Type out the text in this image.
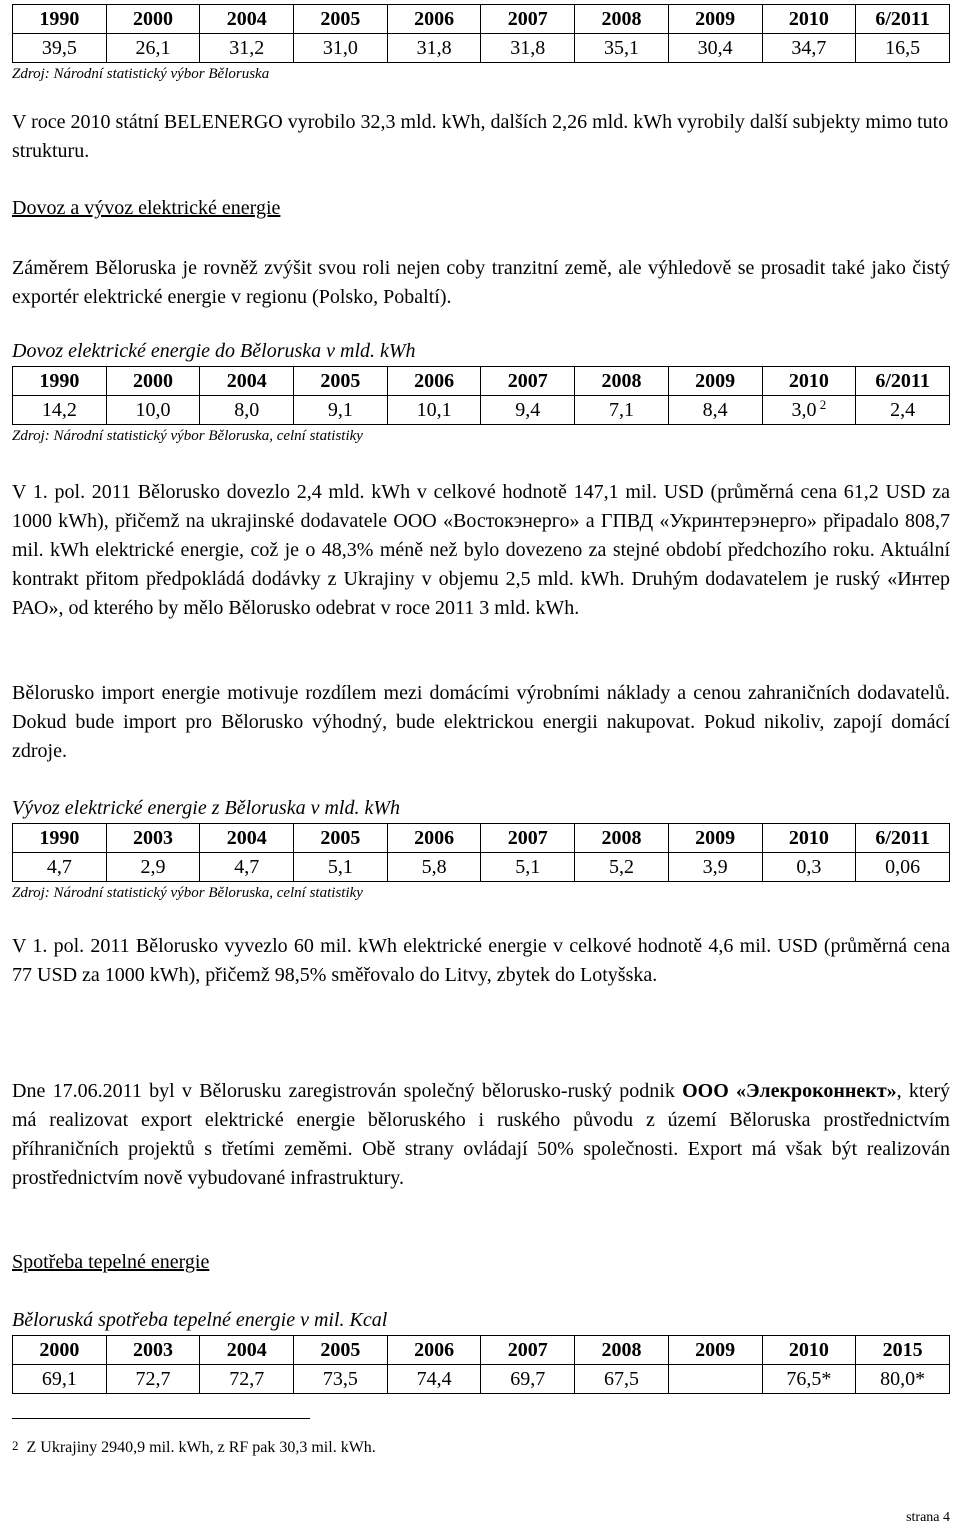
1990	2000	2004	2005	2006	2007	2008	2009	2010	6/2011
39,5	26,1	31,2	31,0	31,8	31,8	35,1	30,4	34,7	16,5
Zdroj: Národní statistický výbor Běloruska

V roce 2010 státní BELENERGO vyrobilo 32,3 mld. kWh, dalších 2,26 mld. kWh vyrobily další subjekty mimo tuto strukturu.

Dovoz a vývoz elektrické energie

Záměrem Běloruska je rovněž zvýšit svou roli nejen coby tranzitní země, ale výhledově se prosadit také jako čistý exportér elektrické energie v regionu (Polsko, Pobaltí).

Dovoz elektrické energie do Běloruska v mld. kWh

1990	2000	2004	2005	2006	2007	2008	2009	2010	6/2011
14,2	10,0	8,0	9,1	10,1	9,4	7,1	8,4	3,0 $^2$	2,4
Zdroj: Národní statistický výbor Běloruska, celní statistiky

V 1. pol. 2011 Bělorusko dovezlo 2,4 mld. kWh v celkové hodnotě 147,1 mil. USD (průměrná cena 61,2 USD za 1000 kWh), přičemž na ukrajinské dodavatele ООО «Востокэнерго» a ГПВД «Укринтерэнерго» připadalo 808,7 mil. kWh elektrické energie, což je o 48,3% méně než bylo dovezeno za stejné období předchozího roku. Aktuální kontrakt přitom předpokládá dodávky z Ukrajiny v objemu 2,5 mld. kWh. Druhým dodavatelem je ruský «Интер РАО», od kterého by mělo Bělorusko odebrat v roce 2011 3 mld. kWh.

Bělorusko import energie motivuje rozdílem mezi domácími výrobními náklady a cenou zahraničních dodavatelů. Dokud bude import pro Bělorusko výhodný, bude elektrickou energii nakupovat. Pokud nikoliv, zapojí domácí zdroje.

Vývoz elektrické energie z Běloruska v mld. kWh

1990	2003	2004	2005	2006	2007	2008	2009	2010	6/2011
4,7	2,9	4,7	5,1	5,8	5,1	5,2	3,9	0,3	0,06
Zdroj: Národní statistický výbor Běloruska, celní statistiky

V 1. pol. 2011 Bělorusko vyvezlo 60 mil. kWh elektrické energie v celkové hodnotě 4,6 mil. USD (průměrná cena 77 USD za 1000 kWh), přičemž 98,5% směřovalo do Litvy, zbytek do Lotyšska.

Dne 17.06.2011 byl v Bělorusku zaregistrován společný bělorusko-ruský podnik ООО «Элекроконнект», který má realizovat export elektrické energie běloruského i ruského původu z území Běloruska prostřednictvím příhraničních projektů s třetími zeměmi. Obě strany ovládají 50% společnosti. Export má však být realizován prostřednictvím nově vybudované infrastruktury.

Spotřeba tepelné energie

Běloruská spotřeba tepelné energie v mil. Kcal

2000	2003	2004	2005	2006	2007	2008	2009	2010	2015
69,1	72,7	72,7	73,5	74,4	69,7	67,5		76,5*	80,0*

$^2$ Z Ukrajiny 2940,9 mil. kWh, z RF pak 30,3 mil. kWh.

strana 4
